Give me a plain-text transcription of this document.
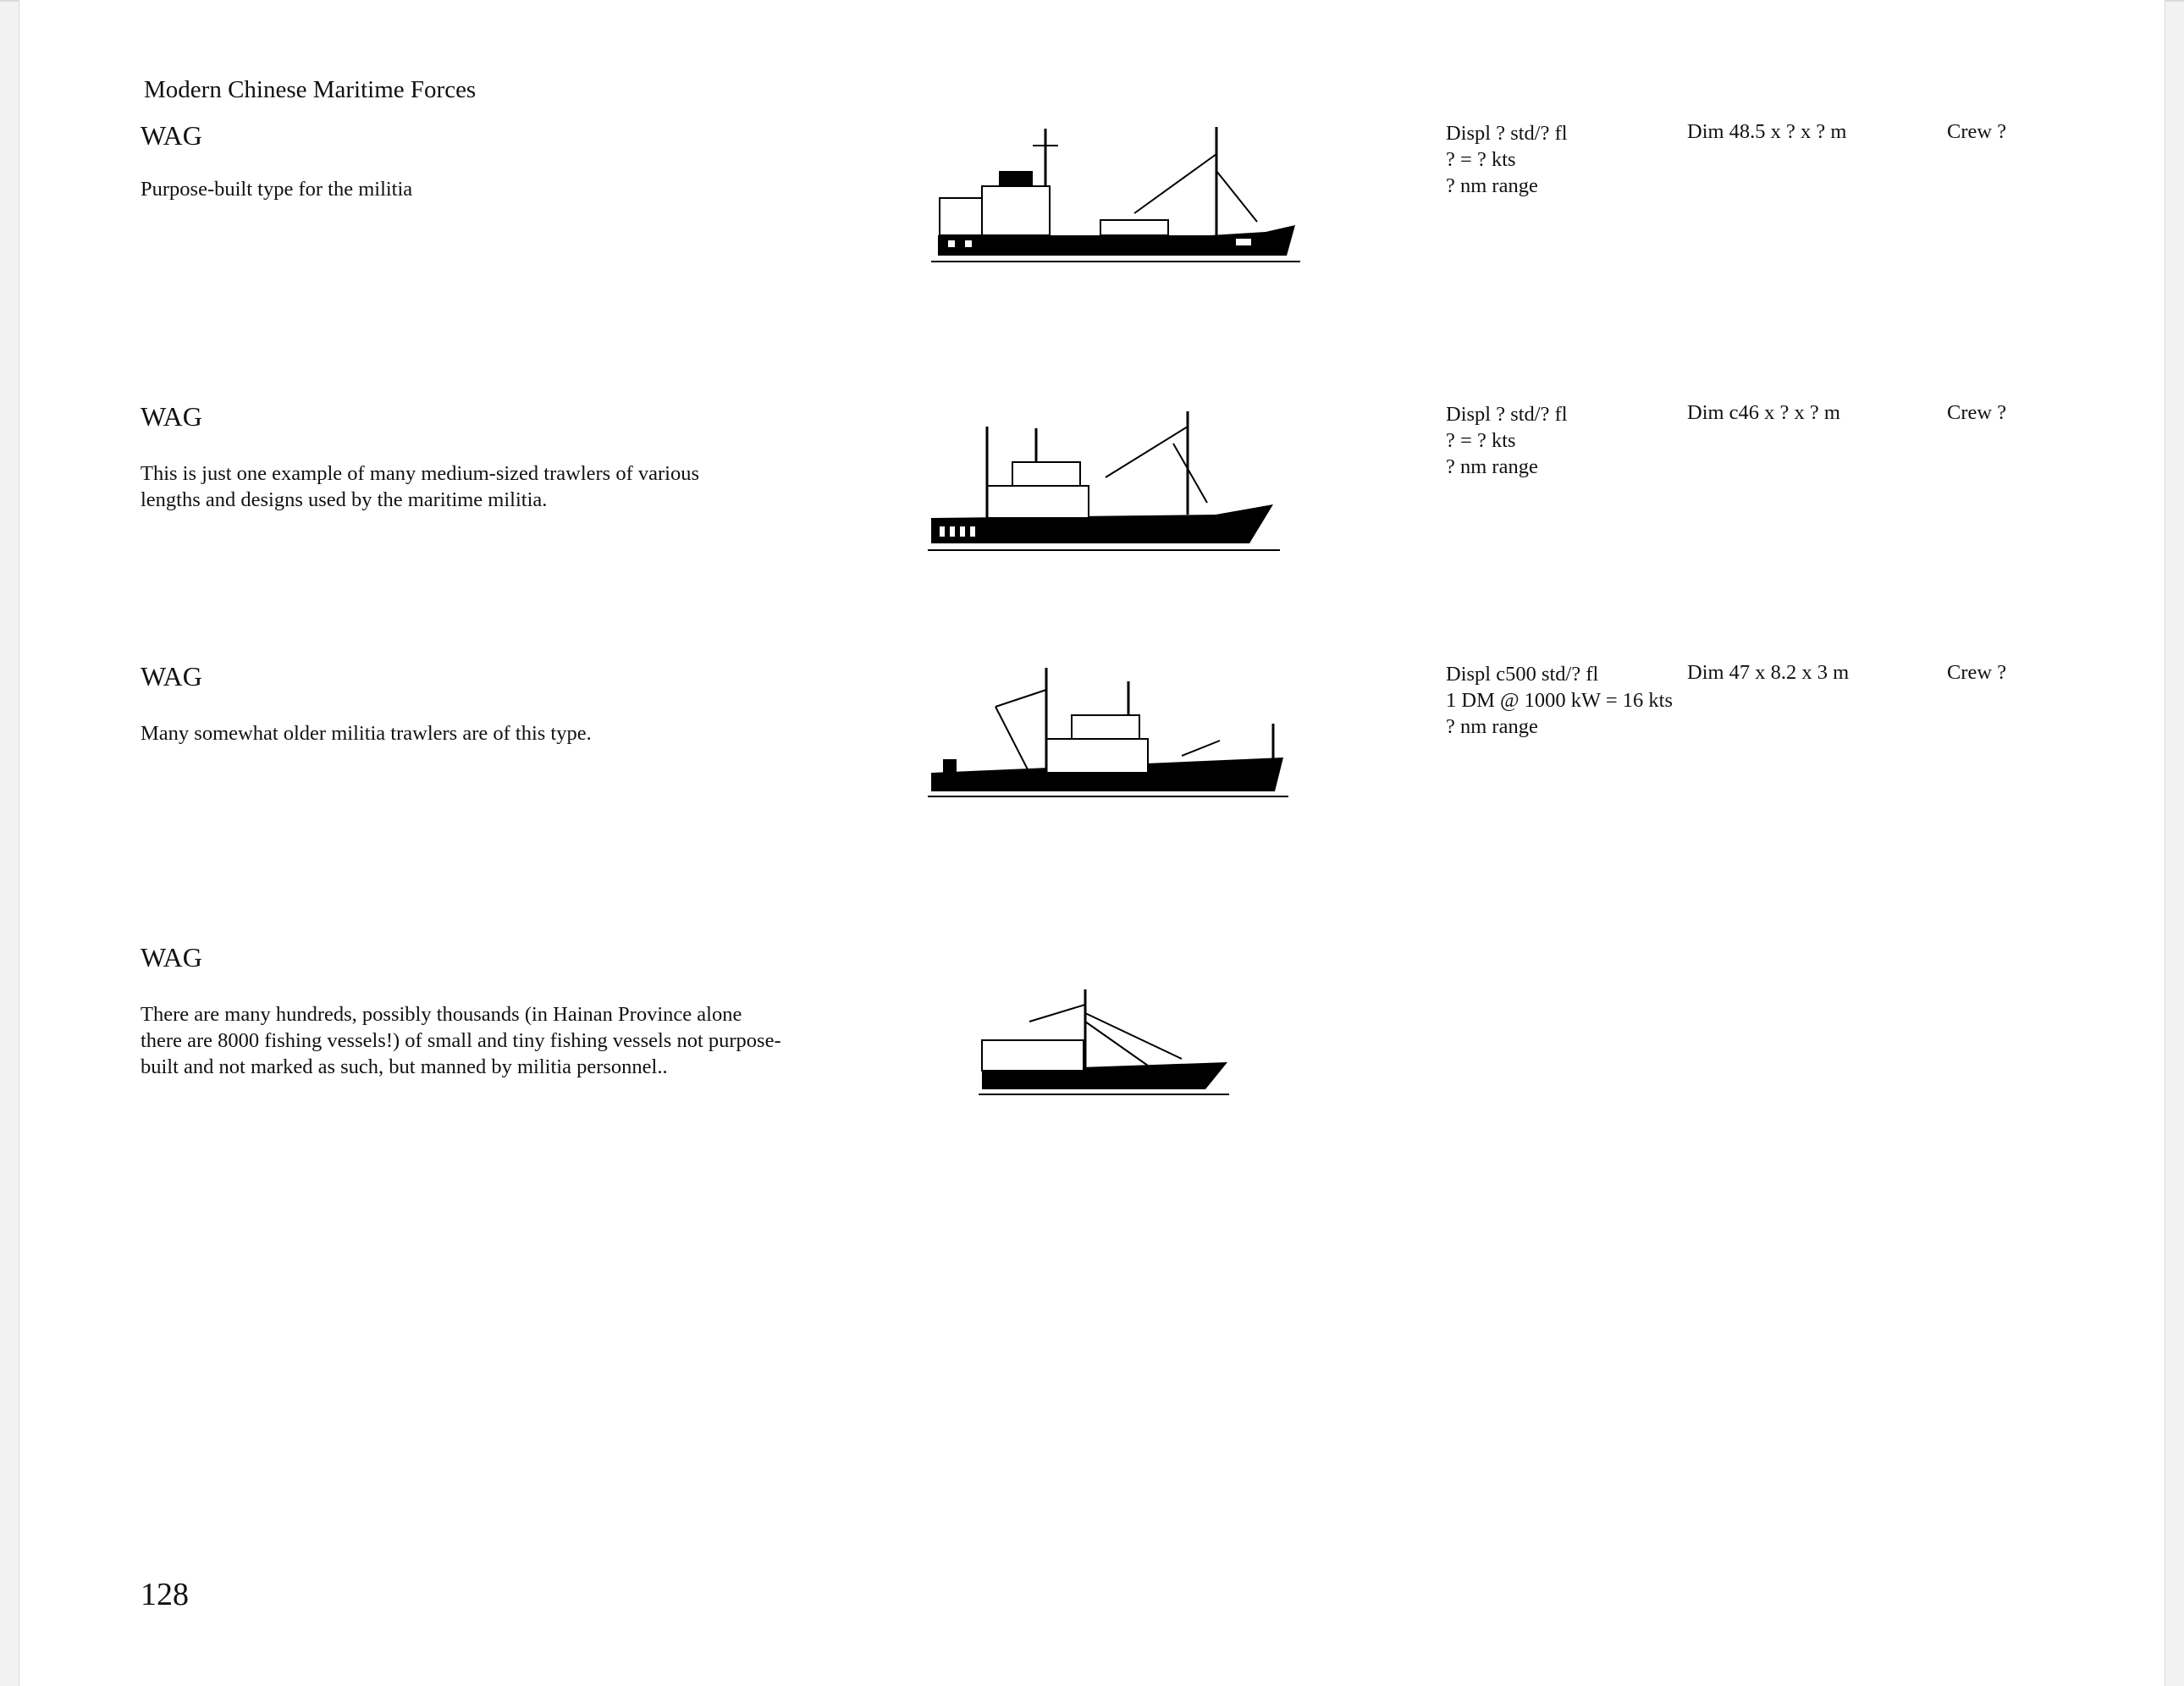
Modern Chinese Maritime Forces
WAG
Purpose-built type for the militia
Displ ? std/? fl
? = ? kts
? nm range
Dim 48.5 x ? x ? m	Crew ?
WAG
This is just one example of many medium-sized trawlers of various lengths and designs used by the maritime militia.
Displ ? std/? fl
? = ? kts
? nm range
Dim c46 x ? x ? m	Crew ?
WAG
Many somewhat older militia trawlers are of this type.
Displ c500 std/? fl
1 DM @ 1000 kW = 16 kts
? nm range
Dim 47 x 8.2 x 3 m	Crew ?
WAG
There are many hundreds, possibly thousands (in Hainan Province alone there are 8000 fishing vessels!) of small and tiny fishing vessels not purpose-built and not marked as such, but manned by militia personnel..
128
